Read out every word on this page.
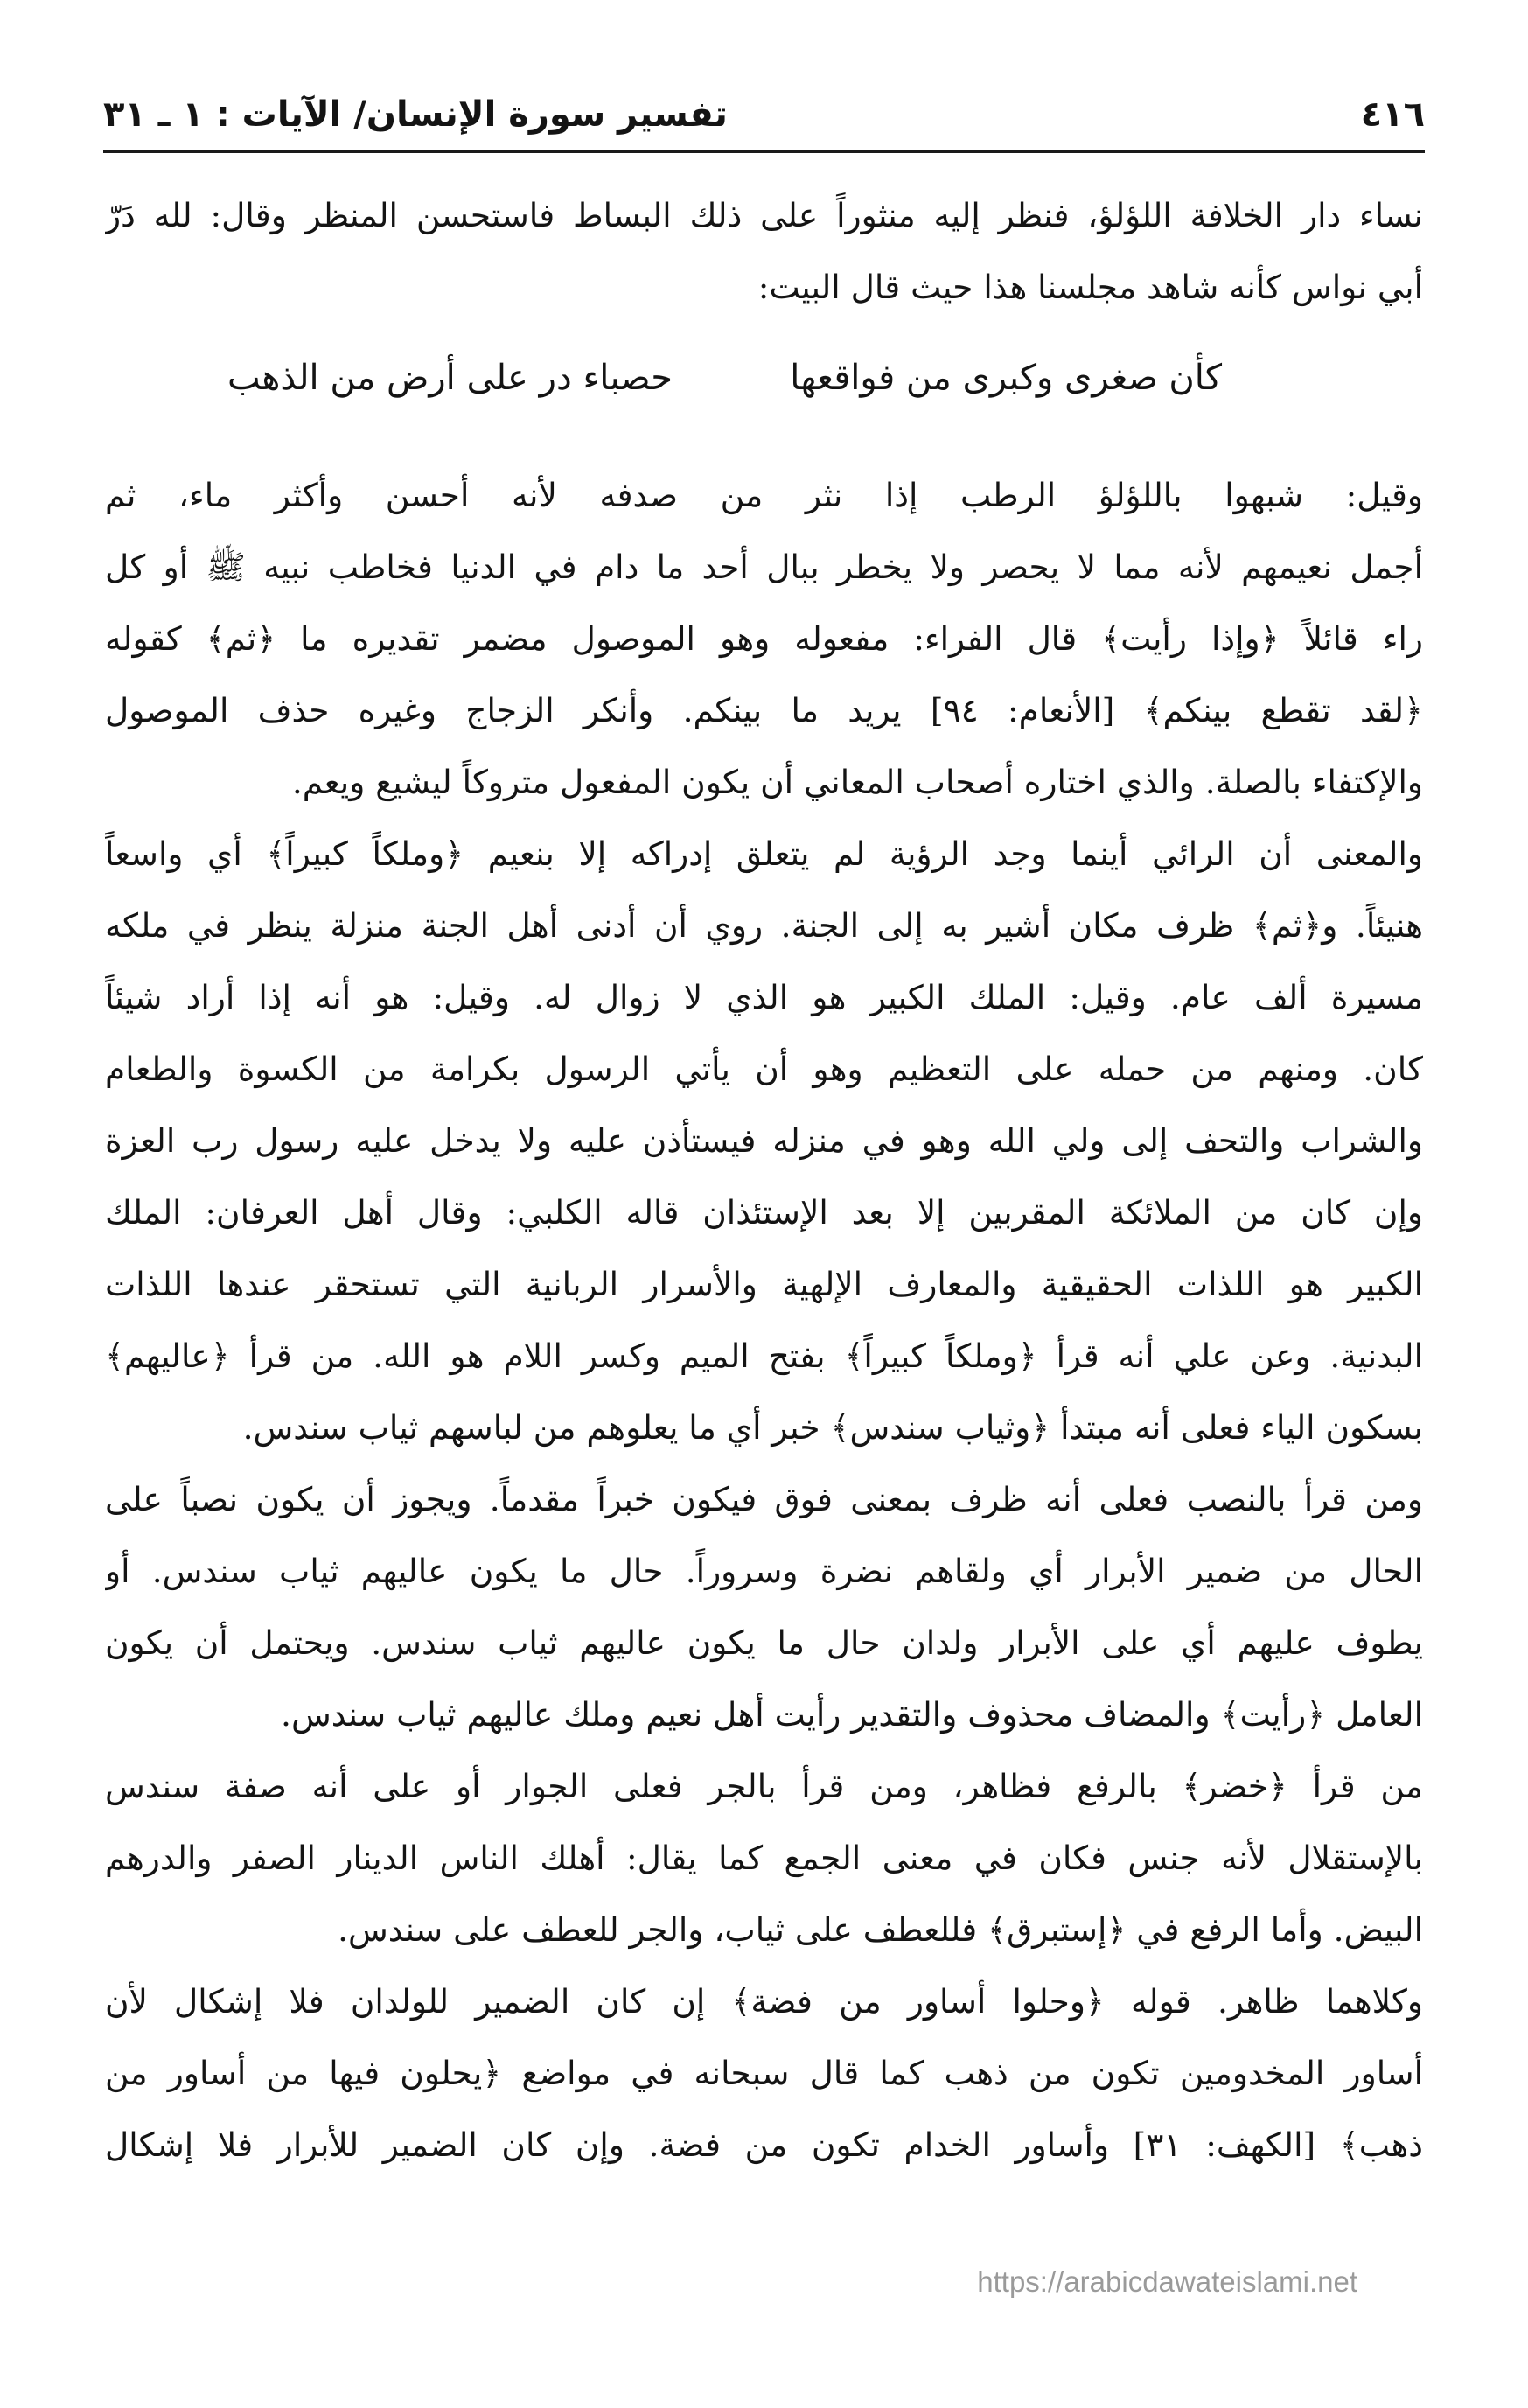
٤١٦
تفسير سورة الإنسان/ الآيات : ١ ـ ٣١
نساء دار الخلافة اللؤلؤ، فنظر إليه منثوراً على ذلك البساط فاستحسن المنظر وقال: لله دَرّ
أبي نواس كأنه شاهد مجلسنا هذا حيث قال البيت:
كأن صغرى وكبرى من فواقعها
حصباء در على أرض من الذهب
وقيل: شبهوا باللؤلؤ الرطب إذا نثر من صدفه لأنه أحسن وأكثر ماء، ثم
أجمل نعيمهم لأنه مما لا يحصر ولا يخطر ببال أحد ما دام في الدنيا فخاطب نبيه ﷺ أو كل
راء قائلاً ﴿وإذا رأيت﴾ قال الفراء: مفعوله وهو الموصول مضمر تقديره ما ﴿ثم﴾ كقوله
﴿لقد تقطع بينكم﴾ [الأنعام: ٩٤] يريد ما بينكم. وأنكر الزجاج وغيره حذف الموصول
والإكتفاء بالصلة. والذي اختاره أصحاب المعاني أن يكون المفعول متروكاً ليشيع ويعم.
والمعنى أن الرائي أينما وجد الرؤية لم يتعلق إدراكه إلا بنعيم ﴿وملكاً كبيراً﴾ أي واسعاً
هنيئاً. و﴿ثم﴾ ظرف مكان أشير به إلى الجنة. روي أن أدنى أهل الجنة منزلة ينظر في ملكه
مسيرة ألف عام. وقيل: الملك الكبير هو الذي لا زوال له. وقيل: هو أنه إذا أراد شيئاً
كان. ومنهم من حمله على التعظيم وهو أن يأتي الرسول بكرامة من الكسوة والطعام
والشراب والتحف إلى ولي الله وهو في منزله فيستأذن عليه ولا يدخل عليه رسول رب العزة
وإن كان من الملائكة المقربين إلا بعد الإستئذان قاله الكلبي: وقال أهل العرفان: الملك
الكبير هو اللذات الحقيقية والمعارف الإلهية والأسرار الربانية التي تستحقر عندها اللذات
البدنية. وعن علي أنه قرأ ﴿وملكاً كبيراً﴾ بفتح الميم وكسر اللام هو الله. من قرأ ﴿عاليهم﴾
بسكون الياء فعلى أنه مبتدأ ﴿وثياب سندس﴾ خبر أي ما يعلوهم من لباسهم ثياب سندس.
ومن قرأ بالنصب فعلى أنه ظرف بمعنى فوق فيكون خبراً مقدماً. ويجوز أن يكون نصباً على
الحال من ضمير الأبرار أي ولقاهم نضرة وسروراً. حال ما يكون عاليهم ثياب سندس. أو
يطوف عليهم أي على الأبرار ولدان حال ما يكون عاليهم ثياب سندس. ويحتمل أن يكون
العامل ﴿رأيت﴾ والمضاف محذوف والتقدير رأيت أهل نعيم وملك عاليهم ثياب سندس.
من قرأ ﴿خضر﴾ بالرفع فظاهر، ومن قرأ بالجر فعلى الجوار أو على أنه صفة سندس
بالإستقلال لأنه جنس فكان في معنى الجمع كما يقال: أهلك الناس الدينار الصفر والدرهم
البيض. وأما الرفع في ﴿إستبرق﴾ فللعطف على ثياب، والجر للعطف على سندس.
وكلاهما ظاهر. قوله ﴿وحلوا أساور من فضة﴾ إن كان الضمير للولدان فلا إشكال لأن
أساور المخدومين تكون من ذهب كما قال سبحانه في مواضع ﴿يحلون فيها من أساور من
ذهب﴾ [الكهف: ٣١] وأساور الخدام تكون من فضة. وإن كان الضمير للأبرار فلا إشكال
https://arabicdawateislami.net
